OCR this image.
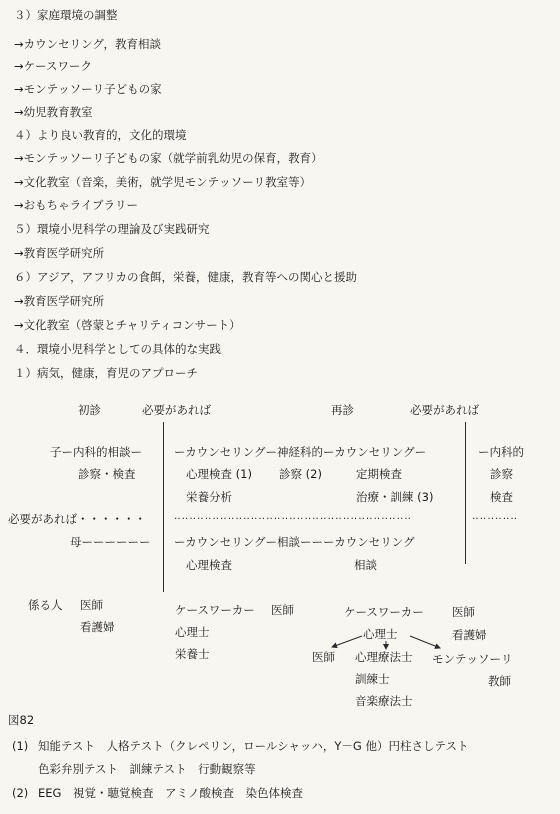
３）家庭環境の調整
→カウンセリング，教育相談
→ケースワーク
→モンテッソーリ子どもの家
→幼児教育教室
４）より良い教育的，文化的環境
→モンテッソーリ子どもの家（就学前乳幼児の保育，教育）
→文化教室（音楽，美術，就学児モンテッソーリ教室等）
→おもちゃライブラリー
５）環境小児科学の理論及び実践研究
→教育医学研究所
６）アジア，アフリカの食餌，栄養，健康，教育等への関心と援助
→教育医学研究所
→文化教室（啓蒙とチャリティコンサート）
４．環境小児科学としての具体的な実践
１）病気，健康，育児のアプローチ
初診	必要があれば	再診	必要があれば
子ー内科的相談ー
診察・検査
ーカウンセリングー神経科的ーカウンセリングー
心理検査 (1) 診察 (2)	定期検査
栄養分析	治療・訓練 (3)
ー内科的
診察
検査
必要があれば・・・・・・	‥‥‥‥‥‥‥‥‥‥‥‥‥‥‥‥‥‥‥‥‥‥‥‥‥‥‥‥‥‥‥	‥‥‥‥‥‥
母ーーーーーー ーカウンセリングー相談ーーーカウンセリング
心理検査	相談
係る人 医師
看護婦
ケースワーカー 医師
心理士
栄養士
ケースワーカー 医師
心理士	看護婦
医師 心理療法士 モンテッソーリ
教師
訓練士
音楽療法士
図82
(1) 知能テスト　人格テスト（クレペリン，ロールシャッハ，Y－G 他）円柱さしテスト
色彩弁別テスト　訓練テスト　行動観察等
(2) EEG　視覚・聴覚検査　アミノ酸検査　染色体検査
